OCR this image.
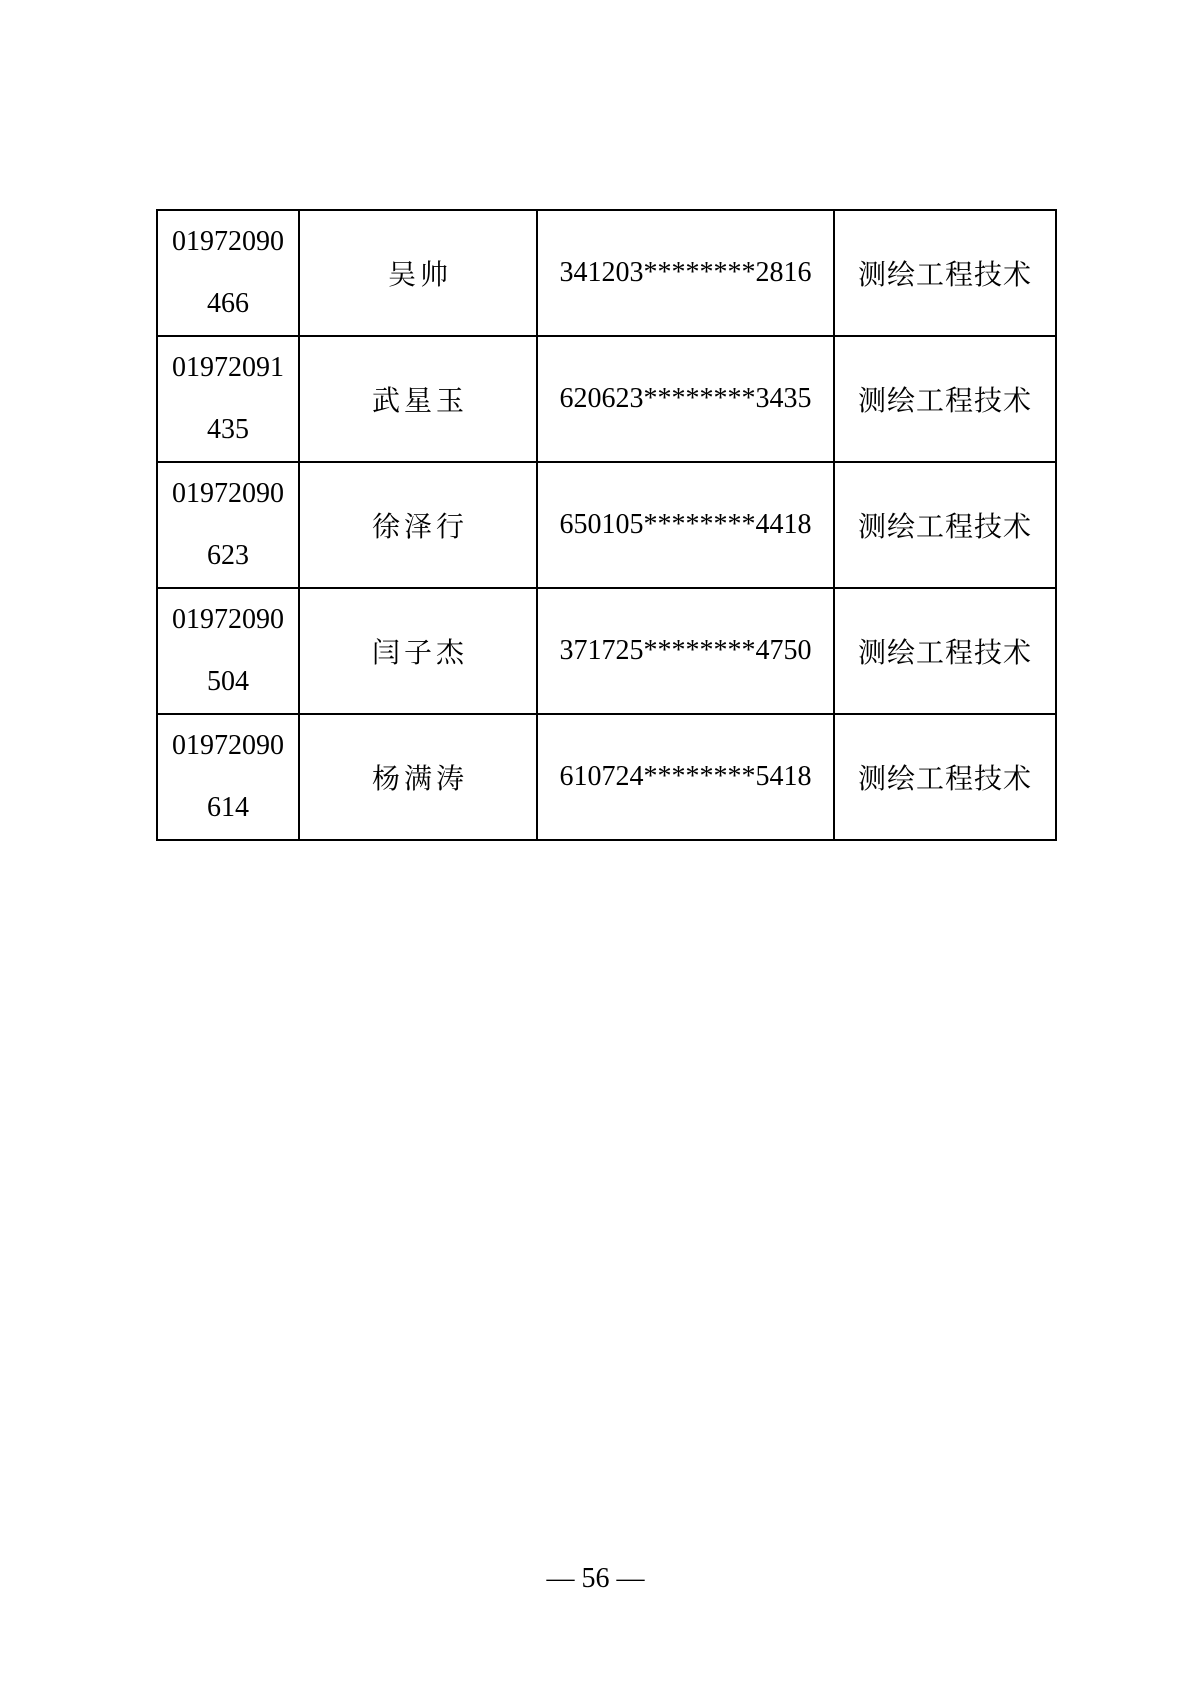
01972090
466	吴帅	341203********2816	测绘工程技术

01972091
435	武星玉	620623********3435	测绘工程技术

01972090
623	徐泽行	650105********4418	测绘工程技术

01972090
504	闫子杰	371725********4750	测绘工程技术

01972090
614	杨满涛	610724********5418	测绘工程技术
— 56 —
